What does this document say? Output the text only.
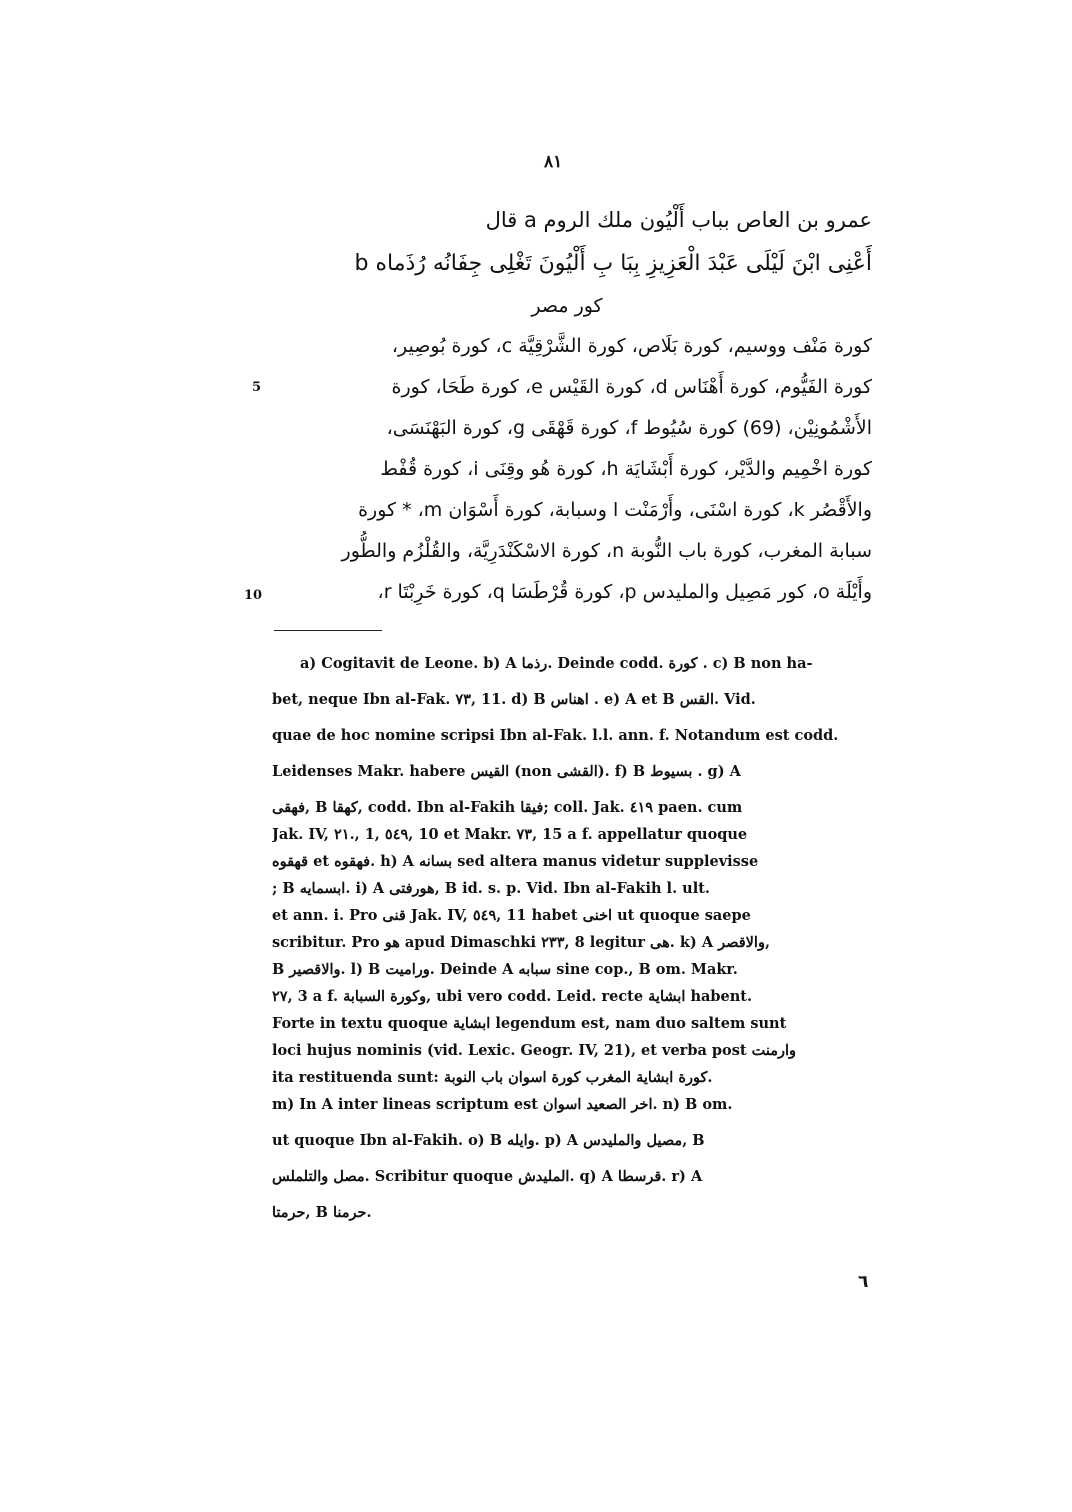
٨١
عمرو بن العاص بباب أَلْيُون ملك الروم a قال
أَعْنِى ابْنَ لَيْلَى عَبْدَ الْعَزِيزِ بِبَا بِ أَلْيُونَ تَغْلِى جِفَانُه رُذَماه b
كور مصر
كورة مَنْف ووسيم، كورة بَلَاص، كورة الشَّرْقِيَّة c، كورة بُوصِير،
كورة الفَيُّوم، كورة أَهْنَاس d، كورة القَيْس e، كورة طَحَا، كورة
الأَشْمُونِيْن، (69) كورة سُيُوط f، كورة قَهْقَى g، كورة البَهْنَسَى،
كورة اخْمِيم والدَّيْر، كورة أَبْشَايَة h، كورة هُو وقِنَى i، كورة قُفْط
والأَقْصُر k، كورة اسْنَى، وأَرْمَنْت l وسبابة، كورة أَسْوَان m، * كورة
سبابة المغرب، كورة باب النُّوبة n، كورة الاسْكَنْدَرِيَّة، والقُلْزُم والطُّور
وأَيْلَة o، كور مَصِيل والمليدس p، كورة قُرْطَسَا q، كورة خَرِبْتَا r،
5
10
a) Cogitavit de Leone. b) A رذما. Deinde codd. كورة . c) B non ha-
bet, neque Ibn al-Fak. ٧٣, 11. d) B اهناس . e) A et B القس. Vid.
quae de hoc nomine scripsi Ibn al-Fak. l.l. ann. f. Notandum est codd.
Leidenses Makr. habere القيس (non القشى). f) B بسيوط . g) A
فهقى, B كهقا, codd. Ibn al-Fakih فيقا; coll. Jak. ٤١٩ paen. cum
Jak. IV, ٢١., 1, ٥٤٩, 10 et Makr. ٧٣, 15 a f. appellatur quoque
قهقوه et فهقوه. h) A بسانه sed altera manus videtur supplevisse
‍; B ابسمايه. i) A هورفتى, B id. s. p. Vid. Ibn al-Fakih l. ult.
et ann. i. Pro قنى Jak. IV, ٥٤٩, 11 habet اخنى ut quoque saepe
scribitur. Pro هو apud Dimaschki ٢٣٣, 8 legitur هى. k) A والاقصر,
B والاقصير. l) B وراميت. Deinde A سبابه sine cop., B om. Makr.
٢٧, 3 a f. وكورة السبابة, ubi vero codd. Leid. recte ابشاية habent.
Forte in textu quoque ابشاية legendum est, nam duo saltem sunt
loci hujus nominis (vid. Lexic. Geogr. IV, 21), et verba post وارمنت
ita restituenda sunt: كورة ابشاية المغرب كورة اسوان باب النوبة.
m) In A inter lineas scriptum est اخر الصعيد اسوان. n) B om.
ut quoque Ibn al-Fakih. o) B وايله. p) A مصيل والمليدس, B
مصل والتلملس. Scribitur quoque المليدش. q) A قرسطا. r) A
حرمتا, B حرمنا.
٦
